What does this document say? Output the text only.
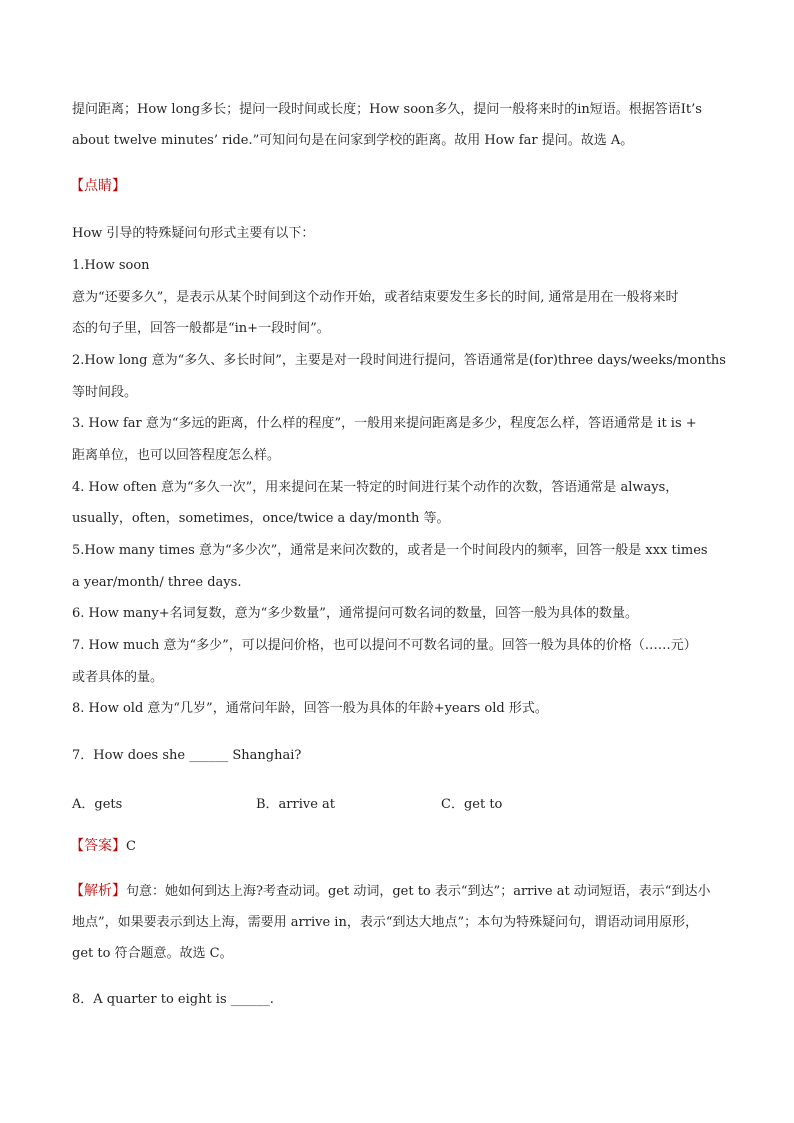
提问距离；How long多长；提问一段时间或长度；How soon多久，提问一般将来时的in短语。根据答语It’s
about twelve minutes’ ride.”可知问句是在问家到学校的距离。故用 How far 提问。故选 A。
【点睛】
How 引导的特殊疑问句形式主要有以下：
1.How soon
意为“还要多久”，是表示从某个时间到这个动作开始，或者结束要发生多长的时间, 通常是用在一般将来时
态的句子里，回答一般都是“in+一段时间”。
2.How long 意为“多久、多长时间”，主要是对一段时间进行提问，答语通常是(for)three days/weeks/months
等时间段。
3. How far 意为“多远的距离，什么样的程度”，一般用来提问距离是多少，程度怎么样，答语通常是 it is +
距离单位，也可以回答程度怎么样。
4. How often 意为“多久一次”，用来提问在某一特定的时间进行某个动作的次数，答语通常是 always，
usually，often，sometimes，once/twice a day/month 等。
5.How many times 意为“多少次”，通常是来问次数的，或者是一个时间段内的频率，回答一般是 xxx times
a year/month/ three days.
6. How many+名词复数，意为“多少数量”，通常提问可数名词的数量，回答一般为具体的数量。
7. How much 意为“多少”，可以提问价格，也可以提问不可数名词的量。回答一般为具体的价格（……元）
或者具体的量。
8. How old 意为“几岁”，通常问年龄，回答一般为具体的年龄+years old 形式。
7．How does she ______ Shanghai?
A．gets	B．arrive at	C．get to
【答案】C
【解析】句意：她如何到达上海?考查动词。get 动词，get to 表示“到达”；arrive at 动词短语，表示“到达小
地点”，如果要表示到达上海，需要用 arrive in，表示“到达大地点”；本句为特殊疑问句，谓语动词用原形，
get to 符合题意。故选 C。
8．A quarter to eight is ______.
